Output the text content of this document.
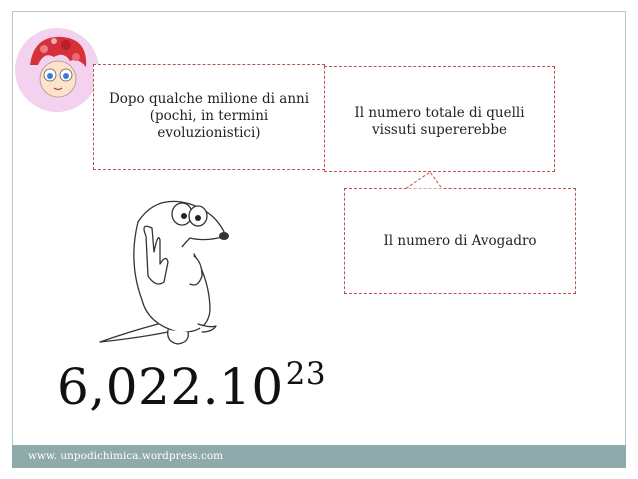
Dopo qualche milione di anni
(pochi, in termini
evoluzionistici)
Il numero totale di quelli
vissuti supererebbe
Il numero di Avogadro
6,022.10$^{23}$
www. unpodichimica.wordpress.com
